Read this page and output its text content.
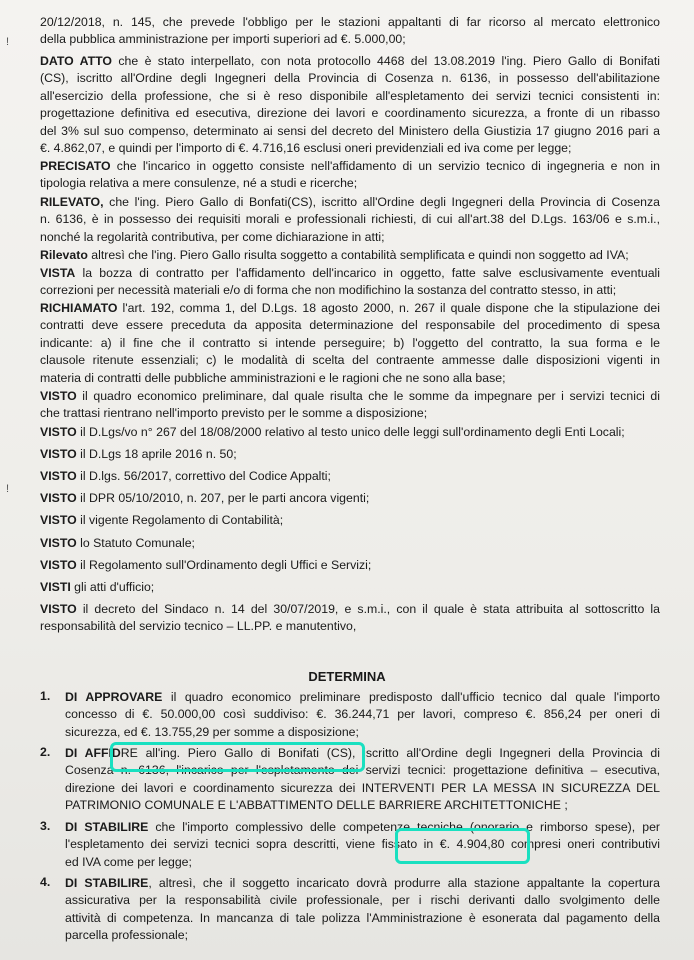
!
!

20/12/2018, n. 145, che prevede l'obbligo per le stazioni appaltanti di far ricorso al mercato elettronico
della pubblica amministrazione per importi superiori ad €. 5.000,00;

DATO ATTO che è stato interpellato, con nota protocollo 4468 del 13.08.2019 l'ing. Piero Gallo di Bonifati
(CS), iscritto all'Ordine degli Ingegneri della Provincia di Cosenza n. 6136, in possesso dell'abilitazione
all'esercizio della professione, che si è reso disponibile all'espletamento dei servizi tecnici consistenti in:
progettazione definitiva ed esecutiva, direzione dei lavori e coordinamento sicurezza, a fronte di un ribasso
del 3% sul suo compenso, determinato ai sensi del decreto del Ministero della Giustizia 17 giugno 2016 pari a
€. 4.862,07, e quindi per l'importo di €. 4.716,16 esclusi oneri previdenziali ed iva come per legge;

PRECISATO che l'incarico in oggetto consiste nell'affidamento di un servizio tecnico di ingegneria e non in
tipologia relativa a mere consulenze, né a studi e ricerche;

RILEVATO, che l'ing. Piero Gallo di Bonfati(CS), iscritto all'Ordine degli Ingegneri della Provincia di Cosenza
n. 6136, è in possesso dei requisiti morali e professionali richiesti, di cui all'art.38 del D.Lgs. 163/06 e s.m.i.,
nonché la regolarità contributiva, per come dichiarazione in atti;

Rilevato altresì che l'ing. Piero Gallo risulta soggetto a contabilità semplificata e quindi non soggetto ad IVA;

VISTA la bozza di contratto per l'affidamento dell'incarico in oggetto, fatte salve esclusivamente eventuali
correzioni per necessità materiali e/o di forma che non modifichino la sostanza del contratto stesso, in atti;

RICHIAMATO l'art. 192, comma 1, del D.Lgs. 18 agosto 2000, n. 267 il quale dispone che la stipulazione dei
contratti deve essere preceduta da apposita determinazione del responsabile del procedimento di spesa
indicante: a) il fine che il contratto si intende perseguire; b) l'oggetto del contratto, la sua forma e le
clausole ritenute essenziali; c) le modalità di scelta del contraente ammesse dalle disposizioni vigenti in
materia di contratti delle pubbliche amministrazioni e le ragioni che ne sono alla base;

VISTO il quadro economico preliminare, dal quale risulta che le somme da impegnare per i servizi tecnici di
che trattasi rientrano nell'importo previsto per le somme a disposizione;

VISTO il D.Lgs/vo n° 267 del 18/08/2000 relativo al testo unico delle leggi sull'ordinamento degli Enti Locali;

VISTO il D.Lgs 18 aprile 2016 n. 50;

VISTO il D.lgs. 56/2017, correttivo del Codice Appalti;

VISTO il DPR 05/10/2010, n. 207, per le parti ancora vigenti;

VISTO il vigente Regolamento di Contabilità;

VISTO lo Statuto Comunale;

VISTO il Regolamento sull'Ordinamento degli Uffici e Servizi;

VISTI gli atti d'ufficio;

VISTO il decreto del Sindaco n. 14 del 30/07/2019, e s.m.i., con il quale è stata attribuita al sottoscritto la
responsabilità del servizio tecnico – LL.PP. e manutentivo,

DETERMINA
1. DI APPROVARE il quadro economico preliminare predisposto dall'ufficio tecnico dal quale l'importo
concesso di €. 50.000,00 così suddiviso: €. 36.244,71 per lavori, compreso €. 856,24 per oneri di
sicurezza, ed €. 13.755,29 per somme a disposizione;

2. DI AFFIDRE all'ing. Piero Gallo di Bonifati (CS), iscritto all'Ordine degli Ingegneri della Provincia di
Cosenza n. 6136, l'incarico per l'espletamento dei servizi tecnici: progettazione definitiva – esecutiva,
direzione dei lavori e coordinamento sicurezza dei INTERVENTI PER LA MESSA IN SICUREZZA DEL
PATRIMONIO COMUNALE E L'ABBATTIMENTO DELLE BARRIERE ARCHITETTONICHE ;

3. DI STABILIRE che l'importo complessivo delle competenze tecniche (onorario e rimborso spese), per
l'espletamento dei servizi tecnici sopra descritti, viene fissato in €. 4.904,80 compresi oneri contributivi
ed IVA come per legge;

4. DI STABILIRE, altresì, che il soggetto incaricato dovrà produrre alla stazione appaltante la copertura
assicurativa per la responsabilità civile professionale, per i rischi derivanti dallo svolgimento delle
attività di competenza. In mancanza di tale polizza l'Amministrazione è esonerata dal pagamento della
parcella professionale;
